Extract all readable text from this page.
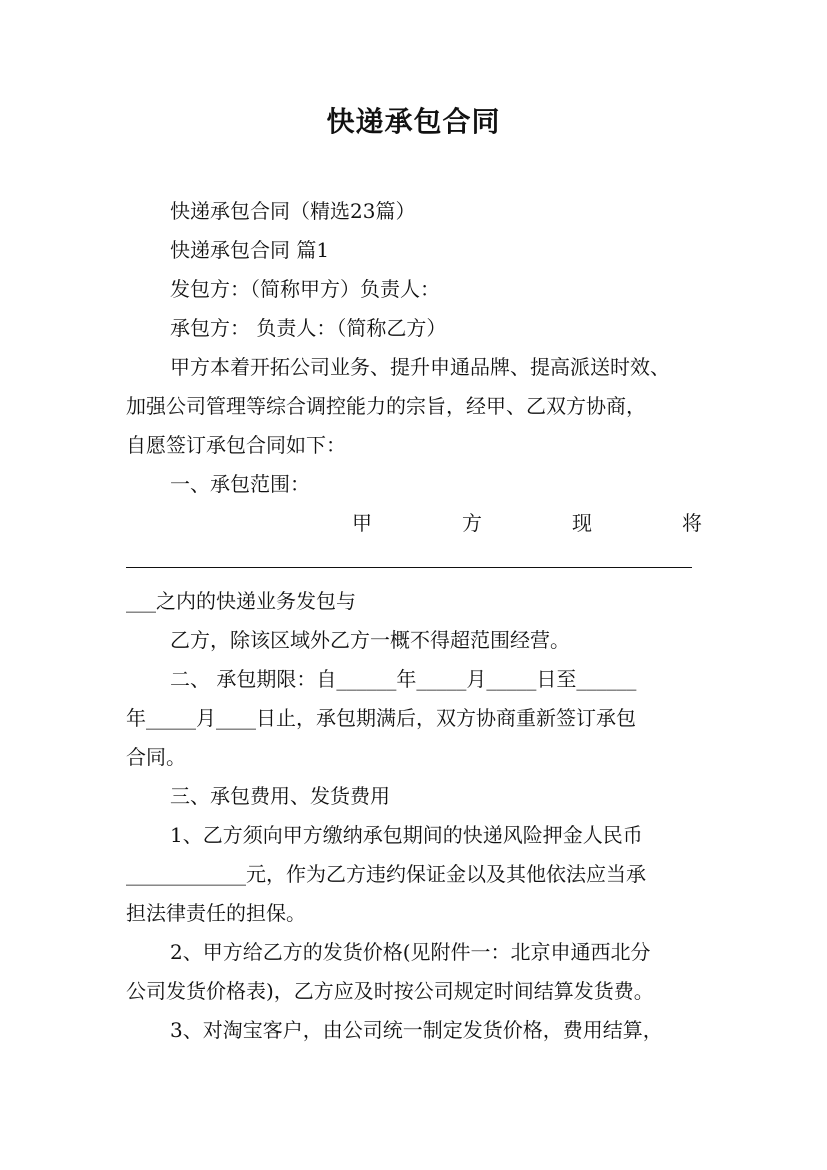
快递承包合同
快递承包合同（精选23篇）
快递承包合同 篇1
发包方：（简称甲方）负责人：
承包方： 负责人：（简称乙方）
甲方本着开拓公司业务、提升申通品牌、提高派送时效、
加强公司管理等综合调控能力的宗旨，经甲、乙双方协商，
自愿签订承包合同如下：
一、承包范围：
甲	方	现	将
___之内的快递业务发包与
乙方，除该区域外乙方一概不得超范围经营。
二、 承包期限：自______年_____月_____日至______
年_____月____日止，承包期满后，双方协商重新签订承包
合同。
三、承包费用、发货费用
1、乙方须向甲方缴纳承包期间的快递风险押金人民币
____________元，作为乙方违约保证金以及其他依法应当承
担法律责任的担保。
2、甲方给乙方的发货价格(见附件一：北京申通西北分
公司发货价格表)，乙方应及时按公司规定时间结算发货费。
3、对淘宝客户，由公司统一制定发货价格，费用结算，
